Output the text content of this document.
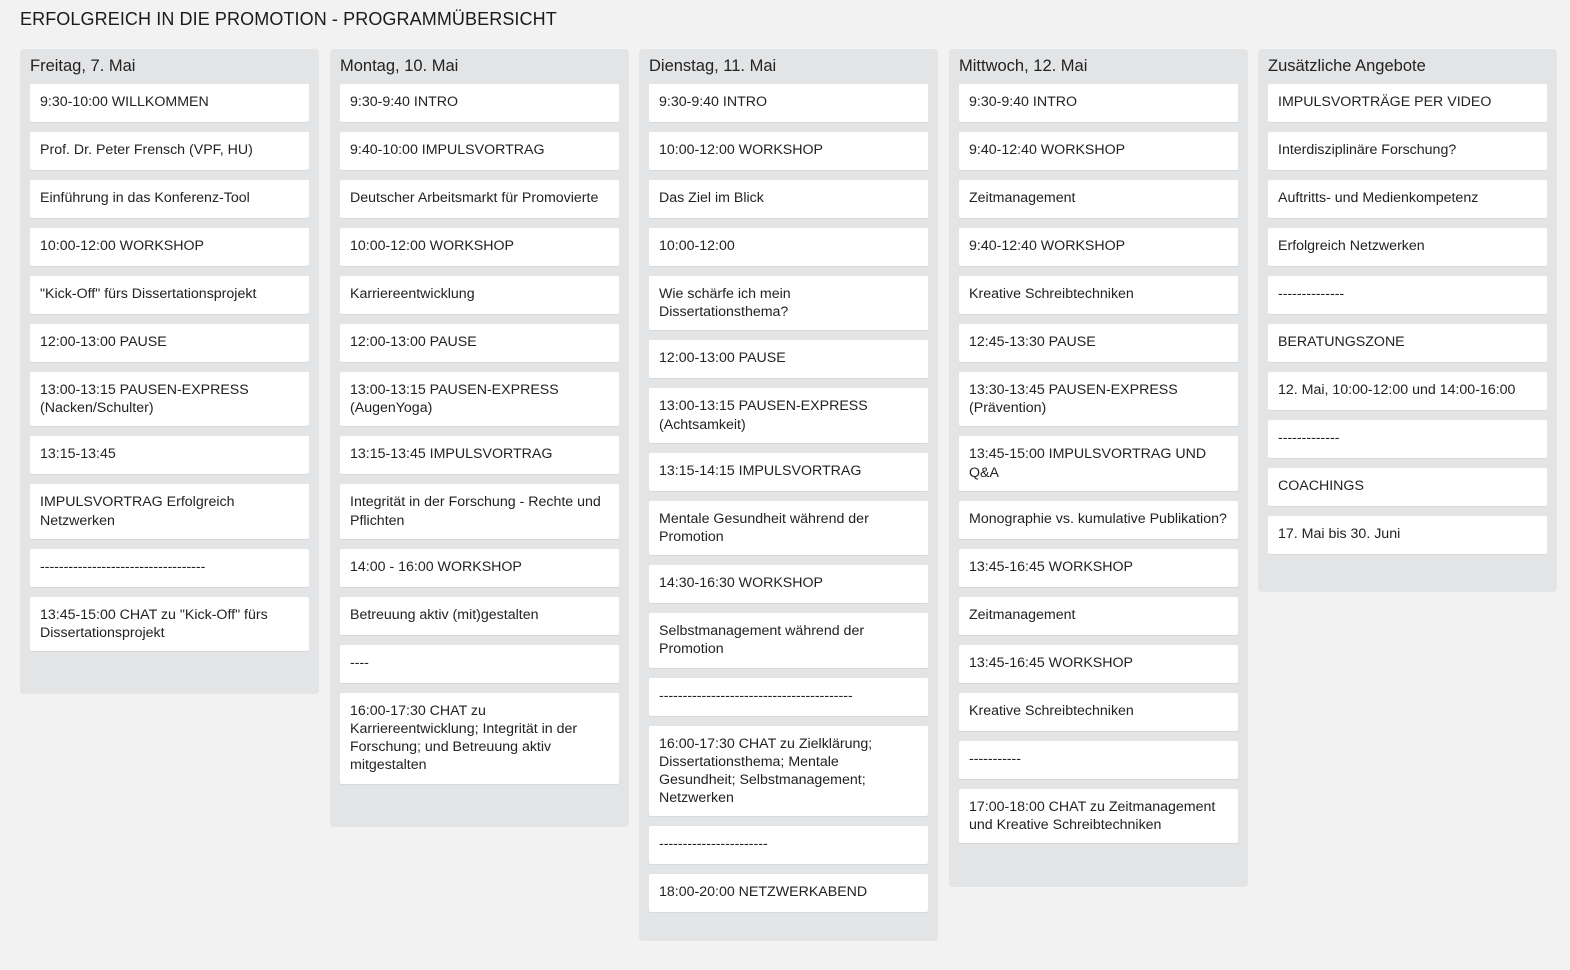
ERFOLGREICH IN DIE PROMOTION - PROGRAMMÜBERSICHT
Freitag, 7. Mai
9:30-10:00 WILLKOMMEN
Prof. Dr. Peter Frensch (VPF, HU)
Einführung in das Konferenz-Tool
10:00-12:00 WORKSHOP
"Kick-Off" fürs Dissertationsprojekt
12:00-13:00 PAUSE
13:00-13:15 PAUSEN-EXPRESS (Nacken/Schulter)
13:15-13:45
IMPULSVORTRAG Erfolgreich Netzwerken
-----------------------------------
13:45-15:00 CHAT zu "Kick-Off" fürs Dissertationsprojekt
Montag, 10. Mai
9:30-9:40 INTRO
9:40-10:00 IMPULSVORTRAG
Deutscher Arbeitsmarkt für Promovierte
10:00-12:00 WORKSHOP
Karriereentwicklung
12:00-13:00 PAUSE
13:00-13:15 PAUSEN-EXPRESS (AugenYoga)
13:15-13:45 IMPULSVORTRAG
Integrität in der Forschung - Rechte und Pflichten
14:00 - 16:00 WORKSHOP
Betreuung aktiv (mit)gestalten
----
16:00-17:30 CHAT zu Karriereentwicklung; Integrität in der Forschung; und Betreuung aktiv mitgestalten
Dienstag, 11. Mai
9:30-9:40 INTRO
10:00-12:00 WORKSHOP
Das Ziel im Blick
10:00-12:00
Wie schärfe ich mein Dissertationsthema?
12:00-13:00 PAUSE
13:00-13:15 PAUSEN-EXPRESS (Achtsamkeit)
13:15-14:15 IMPULSVORTRAG
Mentale Gesundheit während der Promotion
14:30-16:30 WORKSHOP
Selbstmanagement während der Promotion
-----------------------------------------
16:00-17:30 CHAT zu Zielklärung; Dissertationsthema; Mentale Gesundheit; Selbstmanagement; Netzwerken
-----------------------
18:00-20:00 NETZWERKABEND
Mittwoch, 12. Mai
9:30-9:40 INTRO
9:40-12:40 WORKSHOP
Zeitmanagement
9:40-12:40 WORKSHOP
Kreative Schreibtechniken
12:45-13:30 PAUSE
13:30-13:45 PAUSEN-EXPRESS (Prävention)
13:45-15:00 IMPULSVORTRAG UND Q&A
Monographie vs. kumulative Publikation?
13:45-16:45 WORKSHOP
Zeitmanagement
13:45-16:45 WORKSHOP
Kreative Schreibtechniken
-----------
17:00-18:00 CHAT zu Zeitmanagement und Kreative Schreibtechniken
Zusätzliche Angebote
IMPULSVORTRÄGE PER VIDEO
Interdisziplinäre Forschung?
Auftritts- und Medienkompetenz
Erfolgreich Netzwerken
--------------
BERATUNGSZONE
12. Mai, 10:00-12:00 und 14:00-16:00
-------------
COACHINGS
17. Mai bis 30. Juni
